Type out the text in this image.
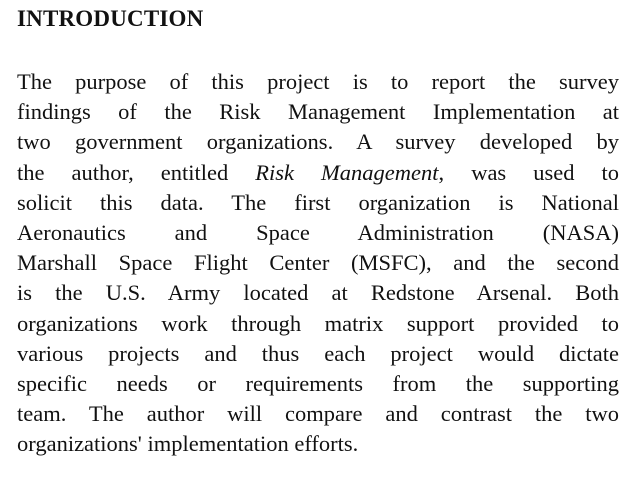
INTRODUCTION
The purpose of this project is to report the survey
findings of the Risk Management Implementation at
two government organizations. A survey developed by
the author, entitled Risk Management, was used to
solicit this data. The first organization is National
Aeronautics and Space Administration (NASA)
Marshall Space Flight Center (MSFC), and the second
is the U.S. Army located at Redstone Arsenal. Both
organizations work through matrix support provided to
various projects and thus each project would dictate
specific needs or requirements from the supporting
team. The author will compare and contrast the two
organizations' implementation efforts.
